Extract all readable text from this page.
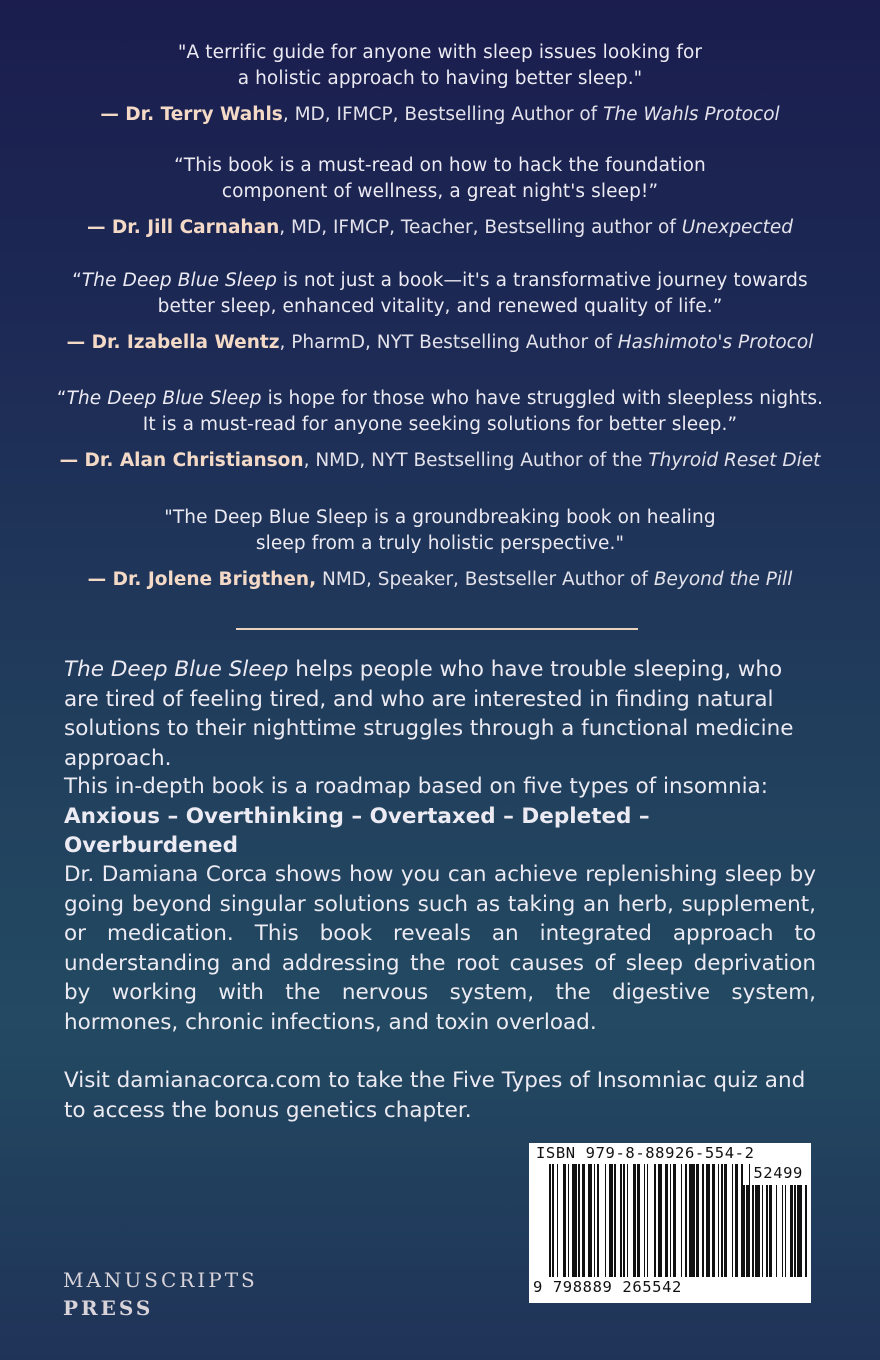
"A terrific guide for anyone with sleep issues looking for
a holistic approach to having better sleep."
— Dr. Terry Wahls, MD, IFMCP, Bestselling Author of The Wahls Protocol
“This book is a must-read on how to hack the foundation
component of wellness, a great night's sleep!”
— Dr. Jill Carnahan, MD, IFMCP, Teacher, Bestselling author of Unexpected
“The Deep Blue Sleep is not just a book—it's a transformative journey towards
better sleep, enhanced vitality, and renewed quality of life.”
— Dr. Izabella Wentz, PharmD, NYT Bestselling Author of Hashimoto's Protocol
“The Deep Blue Sleep is hope for those who have struggled with sleepless nights.
It is a must-read for anyone seeking solutions for better sleep.”
— Dr. Alan Christianson, NMD, NYT Bestselling Author of the Thyroid Reset Diet
"The Deep Blue Sleep is a groundbreaking book on healing
sleep from a truly holistic perspective."
— Dr. Jolene Brigthen, NMD, Speaker, Bestseller Author of Beyond the Pill
The Deep Blue Sleep helps people who have trouble sleeping, who are tired of feeling tired, and who are interested in finding natural solutions to their nighttime struggles through a functional medicine approach.
This in-depth book is a roadmap based on five types of insomnia:
Anxious – Overthinking – Overtaxed – Depleted – Overburdened
Dr. Damiana Corca shows how you can achieve replenishing sleep by going beyond singular solutions such as taking an herb, supplement, or medication. This book reveals an integrated approach to understanding and addressing the root causes of sleep deprivation by working with the nervous system, the digestive system, hormones, chronic infections, and toxin overload.
Visit damianacorca.com to take the Five Types of Insomniac quiz and to access the bonus genetics chapter.
MANUSCRIPTS
PRESS
ISBN 979-8-88926-554-2
52499
9 798889 265542
